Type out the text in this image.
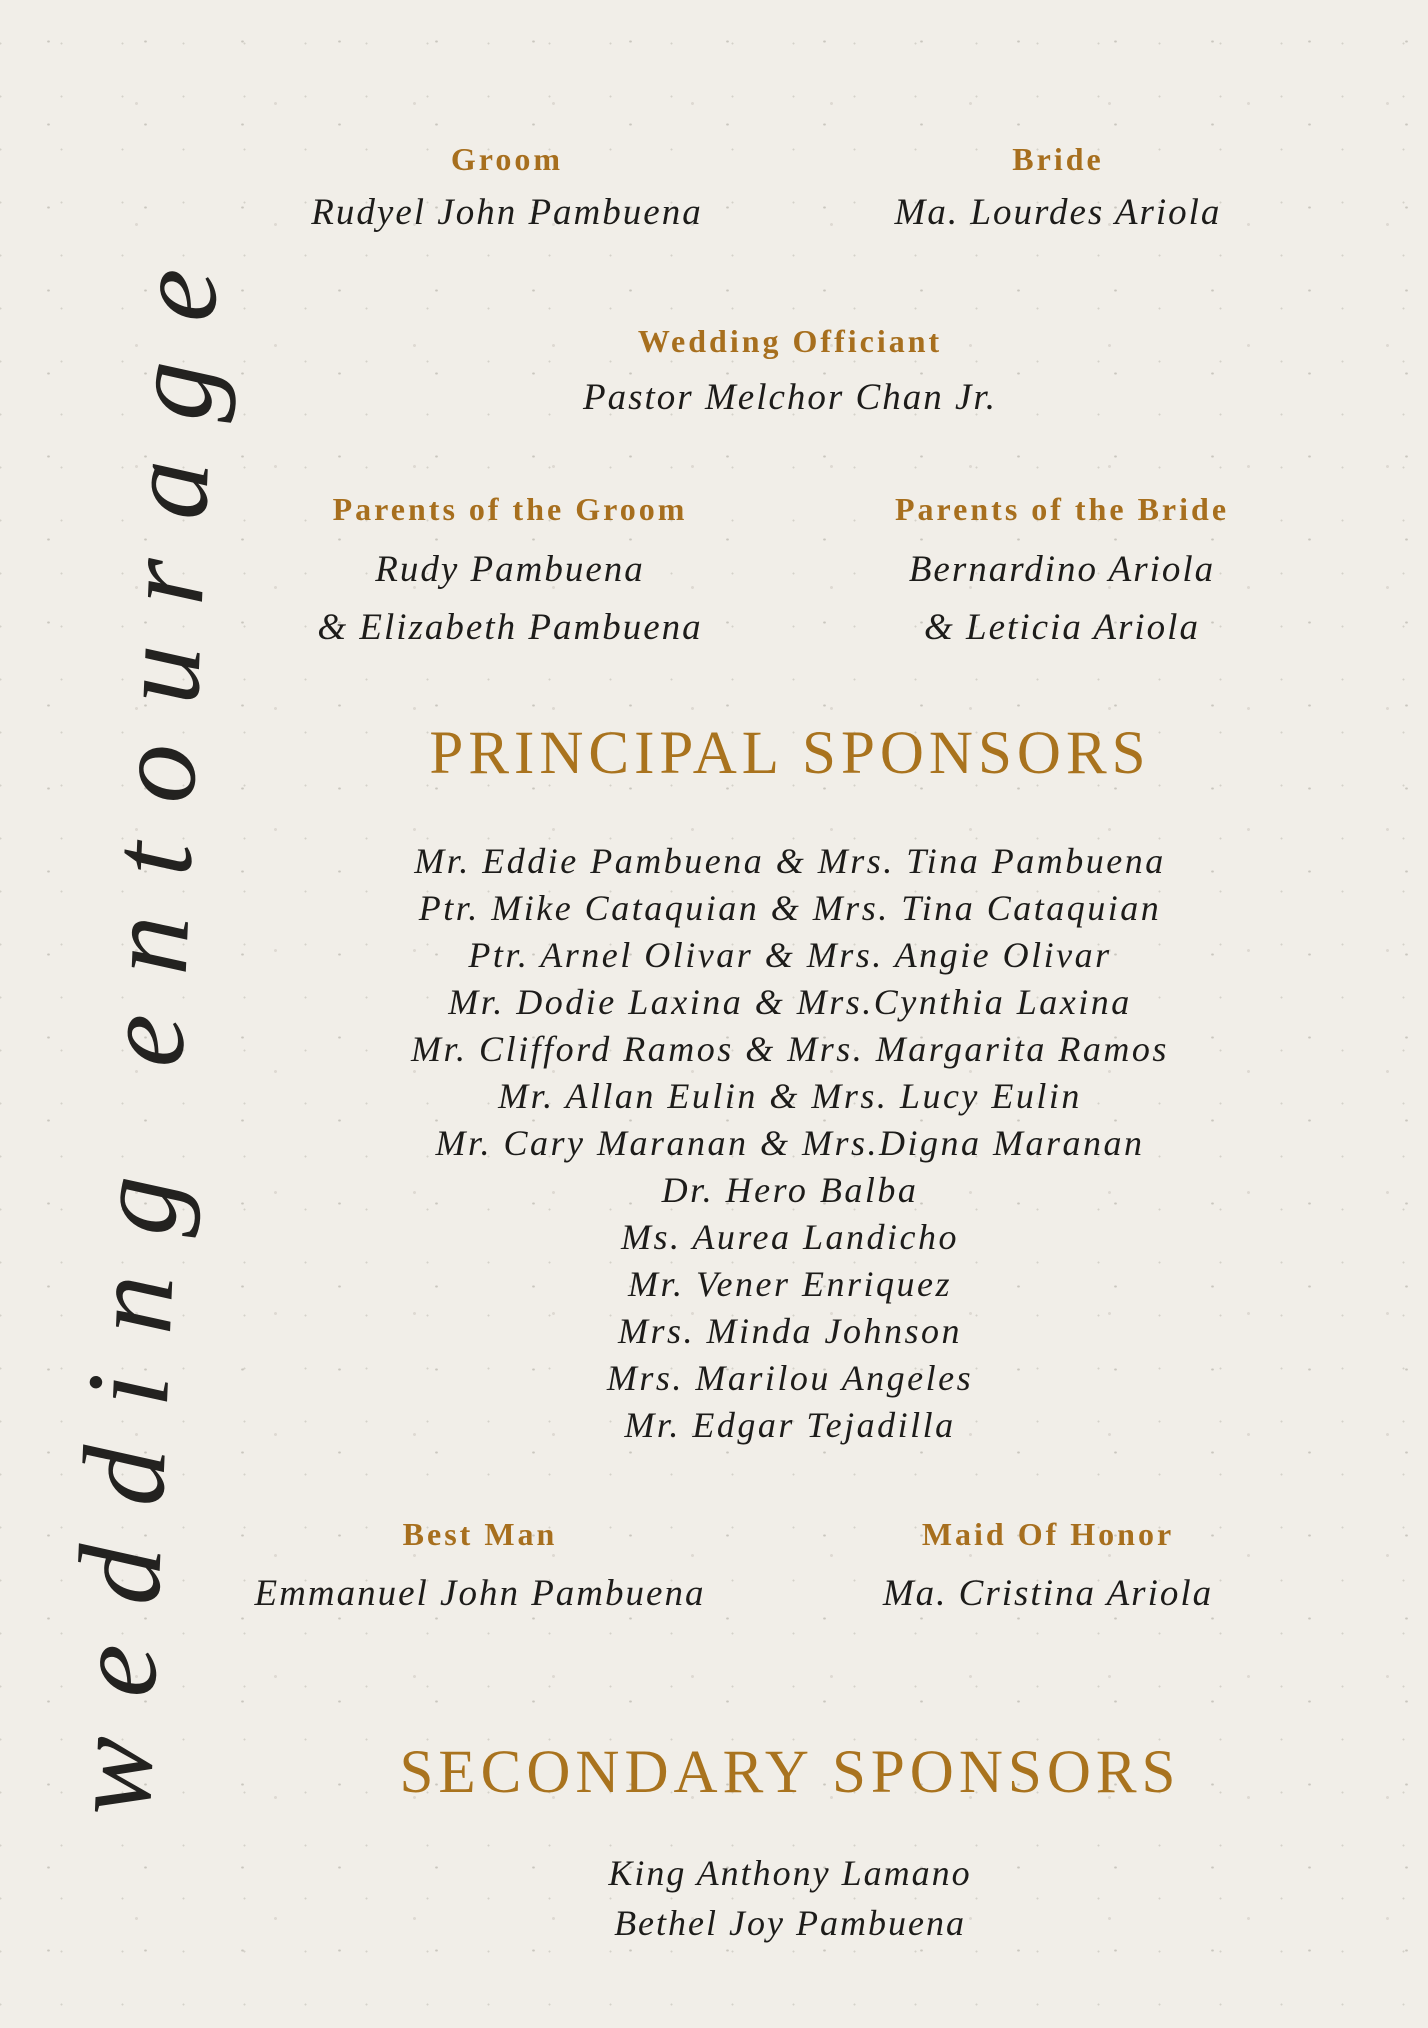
wedding entourage
Groom
Rudyel John Pambuena
Bride
Ma. Lourdes Ariola
Wedding Officiant
Pastor Melchor Chan Jr.
Parents of the Groom
Rudy Pambuena
& Elizabeth Pambuena
Parents of the Bride
Bernardino Ariola
& Leticia Ariola
PRINCIPAL SPONSORS
Mr. Eddie Pambuena & Mrs. Tina Pambuena
Ptr. Mike Cataquian & Mrs. Tina Cataquian
Ptr. Arnel Olivar & Mrs. Angie Olivar
Mr. Dodie Laxina & Mrs.Cynthia Laxina
Mr. Clifford Ramos & Mrs. Margarita Ramos
Mr. Allan Eulin & Mrs. Lucy Eulin
Mr. Cary Maranan & Mrs.Digna Maranan
Dr. Hero Balba
Ms. Aurea Landicho
Mr. Vener Enriquez
Mrs. Minda Johnson
Mrs. Marilou Angeles
Mr. Edgar Tejadilla
Best Man
Emmanuel John Pambuena
Maid Of Honor
Ma. Cristina Ariola
SECONDARY SPONSORS
King Anthony Lamano
Bethel Joy Pambuena
